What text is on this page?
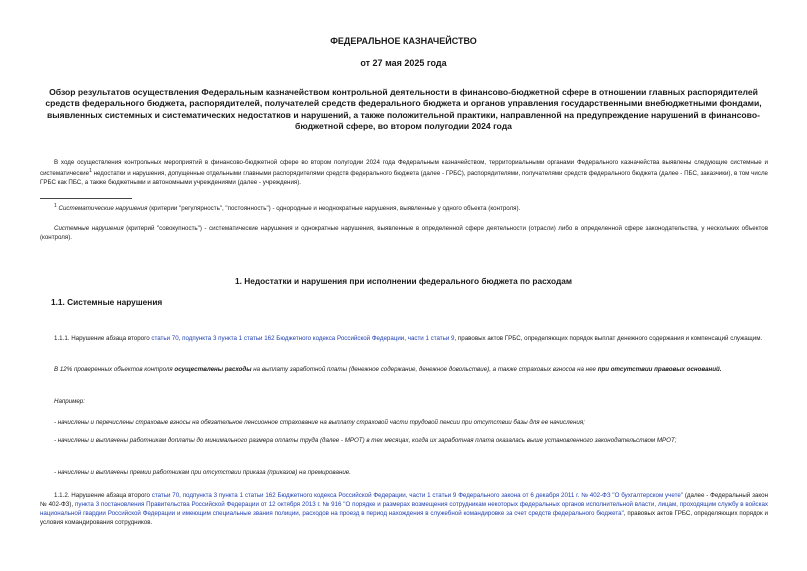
ФЕДЕРАЛЬНОЕ КАЗНАЧЕЙСТВО
от 27 мая 2025 года
Обзор результатов осуществления Федеральным казначейством контрольной деятельности в финансово-бюджетной сфере в отношении главных распорядителей средств федерального бюджета, распорядителей, получателей средств федерального бюджета и органов управления государственными внебюджетными фондами, выявленных системных и систематических недостатков и нарушений, а также положительной практики, направленной на предупреждение нарушений в финансово-бюджетной сфере, во втором полугодии 2024 года
В ходе осуществления контрольных мероприятий в финансово-бюджетной сфере во втором полугодии 2024 года Федеральным казначейством, территориальными органами Федерального казначейства выявлены следующие системные и систематические$^1$ недостатки и нарушения, допущенные отдельными главными распорядителями средств федерального бюджета (далее - ГРБС), распорядителями, получателями средств федерального бюджета (далее - ПБС, заказчики), в том числе ГРБС как ПБС, а также бюджетными и автономными учреждениями (далее - учреждения).
$^1$ Систематические нарушения (критерии "регулярность", "постоянность") - однородные и неоднократные нарушения, выявленные у одного объекта (контроля).
Системные нарушения (критерий "совокупность") - систематические нарушения и однократные нарушения, выявленные в определенной сфере деятельности (отрасли) либо в определенной сфере законодательства, у нескольких объектов (контроля).
1. Недостатки и нарушения при исполнении федерального бюджета по расходам
1.1. Системные нарушения
1.1.1. Нарушение абзаца второго статьи 70, подпункта 3 пункта 1 статьи 162 Бюджетного кодекса Российской Федерации, части 1 статьи 9, правовых актов ГРБС, определяющих порядок выплат денежного содержания и компенсаций служащим.
В 12% проверенных объектов контроля осуществлены расходы на выплату заработной платы (денежное содержание, денежное довольствие), а также страховых взносов на нее при отсутствии правовых оснований.
Например:
- начислены и перечислены страховые взносы на обязательное пенсионное страхование на выплату страховой части трудовой пенсии при отсутствии базы для ее начисления;
- начислены и выплачены работникам доплаты до минимального размера оплаты труда (далее - МРОТ) в тех месяцах, когда их заработная плата оказалась выше установленного законодательством МРОТ;
- начислены и выплачены премии работникам при отсутствии приказа (приказов) на премирование.
1.1.2. Нарушение абзаца второго статьи 70, подпункта 3 пункта 1 статьи 162 Бюджетного кодекса Российской Федерации, части 1 статьи 9 Федерального закона от 6 декабря 2011 г. № 402-ФЗ "О бухгалтерском учете" (далее - Федеральный закон № 402-ФЗ), пункта 3 постановления Правительства Российской Федерации от 12 октября 2013 г. № 916 "О порядке и размерах возмещения сотрудникам некоторых федеральных органов исполнительной власти, лицам, проходящим службу в войсках национальной гвардии Российской Федерации и имеющим специальные звания полиции, расходов на проезд в период нахождения в служебной командировке за счет средств федерального бюджета", правовых актов ГРБС, определяющих порядок и условия командирования сотрудников.
